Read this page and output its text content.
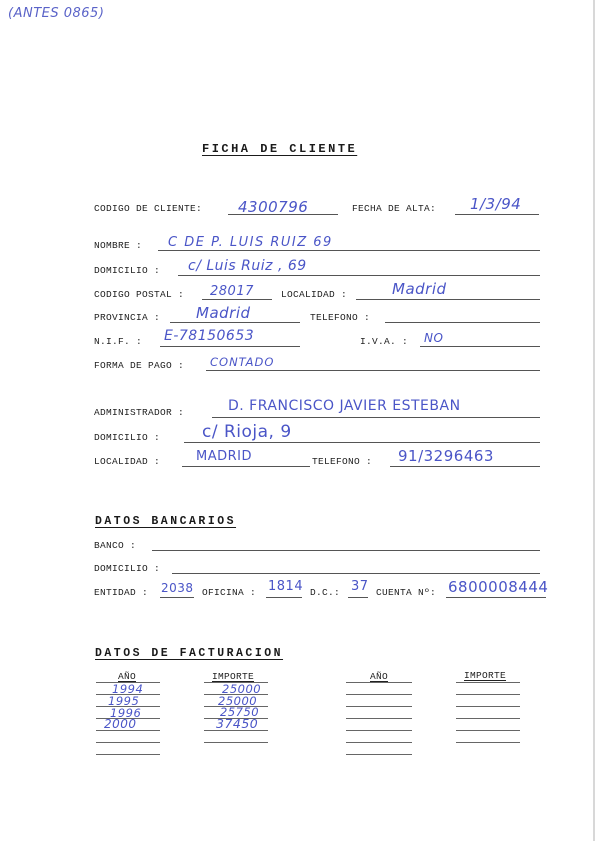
(ANTES 0865)
FICHA DE CLIENTE
CODIGO DE CLIENTE: 4300796	FECHA DE ALTA: 1/3/94
NOMBRE : C DE P. LUIS RUIZ 69
DOMICILIO : c/ Luis Ruiz , 69
CODIGO POSTAL : 28017	LOCALIDAD :	Madrid
PROVINCIA : Madrid	TELEFONO :
N.I.F. : E-78150653	I.V.A. : NO
FORMA DE PAGO : CONTADO
ADMINISTRADOR :	D. FRANCISCO JAVIER ESTEBAN
DOMICILIO : c/ Rioja, 9
LOCALIDAD :	MADRID	TELEFONO : 91/3296463
DATOS BANCARIOS
BANCO :
DOMICILIO :
ENTIDAD : 2038 OFICINA : 1814 D.C.: 37 CUENTA Nº: 6800008444
DATOS DE FACTURACION
AÑO	IMPORTE	AÑO	IMPORTE
1994	25000
1995	25000
1996	25750
2000	37450
